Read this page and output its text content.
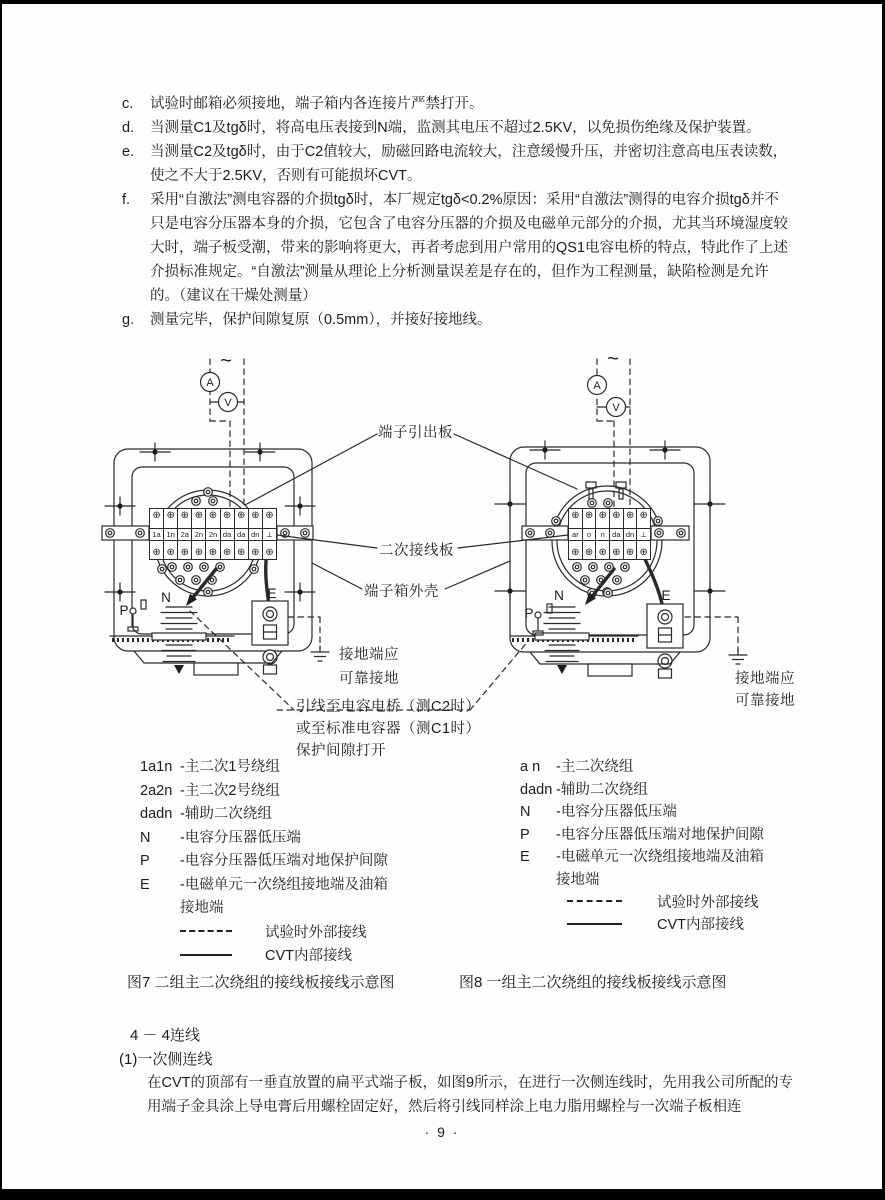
c.	试验时邮箱必须接地，端子箱内各连接片严禁打开。
d.	当测量C1及tgδ时，将高电压表接到N端，监测其电压不超过2.5KV，以免损伤绝缘及保护装置。
e.	当测量C2及tgδ时，由于C2值较大，励磁回路电流较大，注意缓慢升压，并密切注意高电压表读数，使之不大于2.5KV，否则有可能损坏CVT。
f.	采用“自激法”测电容器的介损tgδ时，本厂规定tgδ<0.2%原因：采用“自激法”测得的电容介损tgδ并不只是电容分压器本身的介损，它包含了电容分压器的介损及电磁单元部分的介损，尤其当环境湿度较大时，端子板受潮，带来的影响将更大，再者考虑到用户常用的QS1电容电桥的特点，特此作了上述介损标准规定。“自激法”测量从理论上分析测量误差是存在的，但作为工程测量，缺陷检测是允许的。（建议在干燥处测量）
g.	测量完毕，保护间隙复原（0.5mm），并接好接地线。
~
A
V
N
P
E
~
A
V
N
P
E
⊕
1a
⊕
⊕
1n
⊕
⊕
2a
⊕
⊕
2n
⊕
⊕
2n
⊕
⊕
da
⊕
⊕
da
⊕
⊕
dn
⊕
⊕
⊥
⊕
⊕
ar
⊕
⊕
o
⊕
⊕
n
⊕
⊕
da
⊕
⊕
dn
⊕
⊕
⊥
⊕
端子引出板
二次接线板
端子箱外壳
接地端应
可靠接地
引线至电容电桥（测C2时）
或至标准电容器（测C1时）
保护间隙打开
接地端应
可靠接地
1a1n -主二次1号绕组
2a2n -主二次2号绕组
dadn -辅助二次绕组
N	-电容分压器低压端
P	-电容分压器低压端对地保护间隙
E	-电磁单元一次绕组接地端及油箱
接地端
试验时外部接线
CVT内部接线
a n	-主二次绕组
dadn -辅助二次绕组
N	-电容分压器低压端
P	-电容分压器低压端对地保护间隙
E	-电磁单元一次绕组接地端及油箱
接地端
试验时外部接线
CVT内部接线
图7 二组主二次绕组的接线板接线示意图	图8 一组主二次绕组的接线板接线示意图
4 － 4连线
(1)一次侧连线
在CVT的顶部有一垂直放置的扁平式端子板，如图9所示，在进行一次侧连线时，先用我公司所配的专用端子金具涂上导电膏后用螺栓固定好，然后将引线同样涂上电力脂用螺栓与一次端子板相连
· 9 ·
